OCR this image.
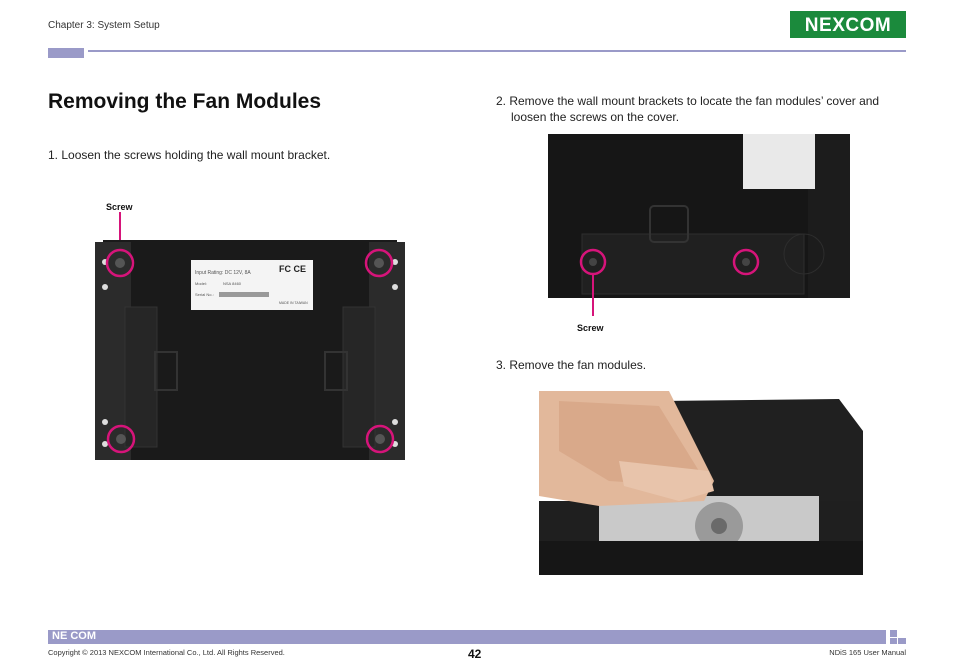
Chapter 3: System Setup	NEXCOM
Removing the Fan Modules
1. Loosen the screws holding the wall mount bracket.
Screw
Input Rating: DC 12V, 8A
Model:	NSA 8460
Serial No.:
FC CE
MADE IN TAIWAN
2. Remove the wall mount brackets to locate the fan modules’ cover and
loosen the screws on the cover.
Screw
3. Remove the fan modules.
NE COM
Copyright © 2013 NEXCOM International Co., Ltd. All Rights Reserved.	42	NDiS 165 User Manual
